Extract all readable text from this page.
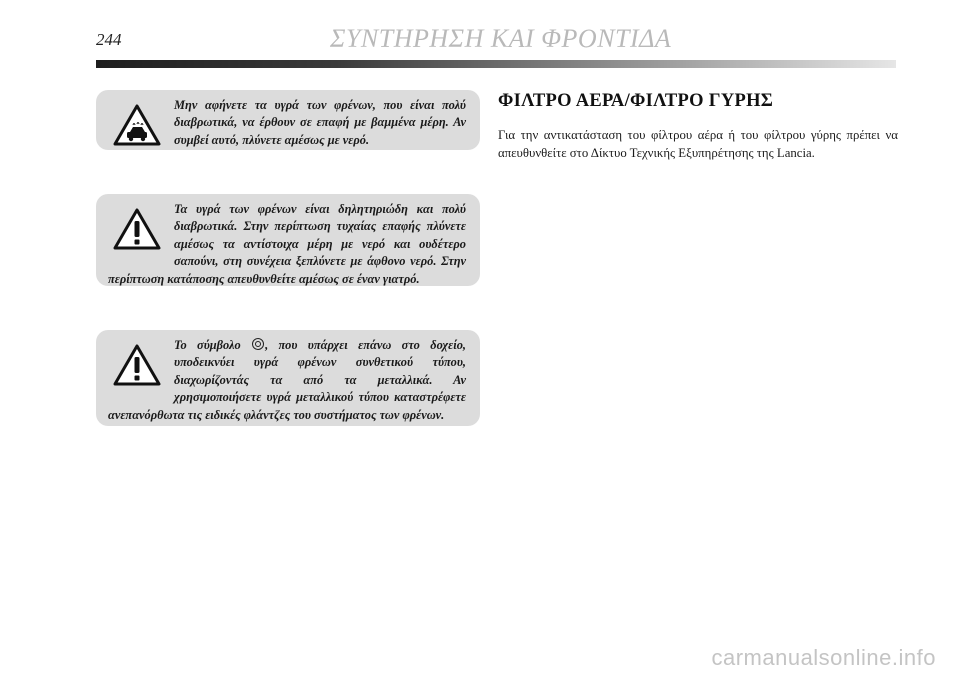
244	ΣΥΝΤΗΡΗΣΗ ΚΑΙ ΦΡΟΝΤΙΔΑ

Μην αφήνετε τα υγρά των φρένων, που είναι πολύ διαβρωτικά, να έρθουν σε επαφή με βαμμένα μέρη. Αν συμβεί αυτό, πλύνετε αμέσως με νερό.

Τα υγρά των φρένων είναι δηλητηριώδη και πολύ διαβρωτικά. Στην περίπτωση τυχαίας επαφής πλύνετε αμέσως τα αντίστοιχα μέρη με νερό και ουδέτερο σαπούνι, στη συνέχεια ξεπλύνετε με άφθονο νερό. Στην περίπτωση κατάποσης απευθυνθείτε αμέσως σε έναν γιατρό.

Το σύμβολο , που υπάρχει επάνω στο δοχείο, υποδεικνύει υγρά φρένων συνθετικού τύπου, διαχωρίζοντάς τα από τα μεταλλικά. Αν χρησιμοποιήσετε υγρά μεταλλικού τύπου καταστρέφετε ανεπανόρθωτα τις ειδικές φλάντζες του συστήματος των φρένων.

ΦΙΛΤΡΟ ΑΕΡΑ/ΦΙΛΤΡΟ ΓΥΡΗΣ

Για την αντικατάσταση του φίλτρου αέρα ή του φίλτρου γύρης πρέπει να απευθυνθείτε στο Δίκτυο Τεχνικής Εξυπηρέτησης της Lancia.

carmanualsonline.info
